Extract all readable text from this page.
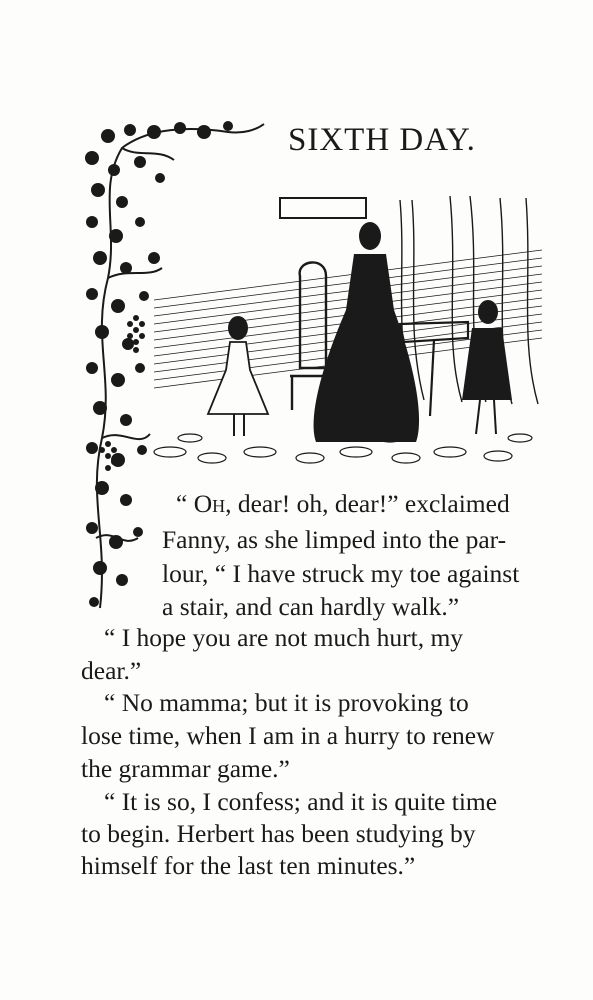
SIXTH DAY.
“ Oh, dear! oh, dear!” exclaimed
Fanny, as she limped into the par-
lour, “ I have struck my toe against
a stair, and can hardly walk.”
“ I hope you are not much hurt, my
dear.”
“ No mamma; but it is provoking to
lose time, when I am in a hurry to renew
the grammar game.”
“ It is so, I confess; and it is quite time
to begin. Herbert has been studying by
himself for the last ten minutes.”
